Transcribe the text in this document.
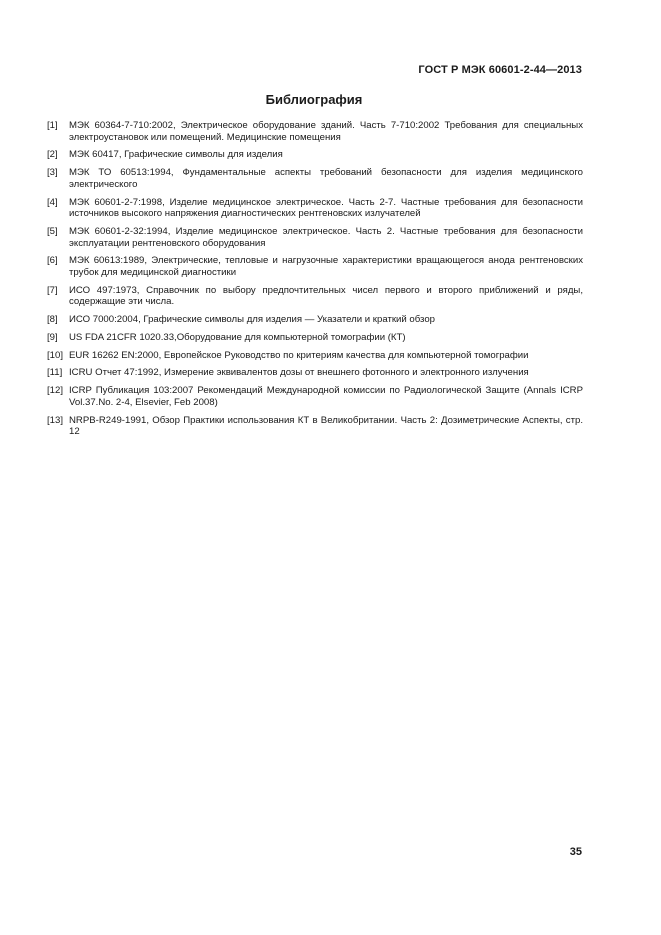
ГОСТ Р МЭК 60601-2-44—2013
Библиография
[1]	МЭК 60364-7-710:2002, Электрическое оборудование зданий. Часть 7-710:2002 Требования для специальных электроустановок или помещений. Медицинские помещения
[2]	МЭК 60417, Графические символы для изделия
[3]	МЭК ТО 60513:1994, Фундаментальные аспекты требований безопасности для изделия медицинского электрического
[4]	МЭК 60601-2-7:1998, Изделие медицинское электрическое. Часть 2-7. Частные требования для безопасности источников высокого напряжения диагностических рентгеновских излучателей
[5]	МЭК 60601-2-32:1994, Изделие медицинское электрическое. Часть 2. Частные требования для безопасности эксплуатации рентгеновского оборудования
[6]	МЭК 60613:1989, Электрические, тепловые и нагрузочные характеристики вращающегося анода рентгеновских трубок для медицинской диагностики
[7]	ИСО 497:1973, Справочник по выбору предпочтительных чисел первого и второго приближений и ряды, содержащие эти числа.
[8]	ИСО 7000:2004, Графические символы для изделия — Указатели и краткий обзор
[9]	US FDA 21CFR 1020.33,Оборудование для компьютерной томографии (КТ)
[10] EUR 16262 EN:2000, Европейское Руководство по критериям качества для компьютерной томографии
[11] ICRU Отчет 47:1992, Измерение эквивалентов дозы от внешнего фотонного и электронного излучения
[12] ICRP Публикация 103:2007 Рекомендаций Международной комиссии по Радиологической Защите (Annals ICRP Vol.37.No. 2-4, Elsevier, Feb 2008)
[13] NRPB-R249-1991, Обзор Практики использования КТ в Великобритании. Часть 2: Дозиметрические Аспекты, стр. 12
35
